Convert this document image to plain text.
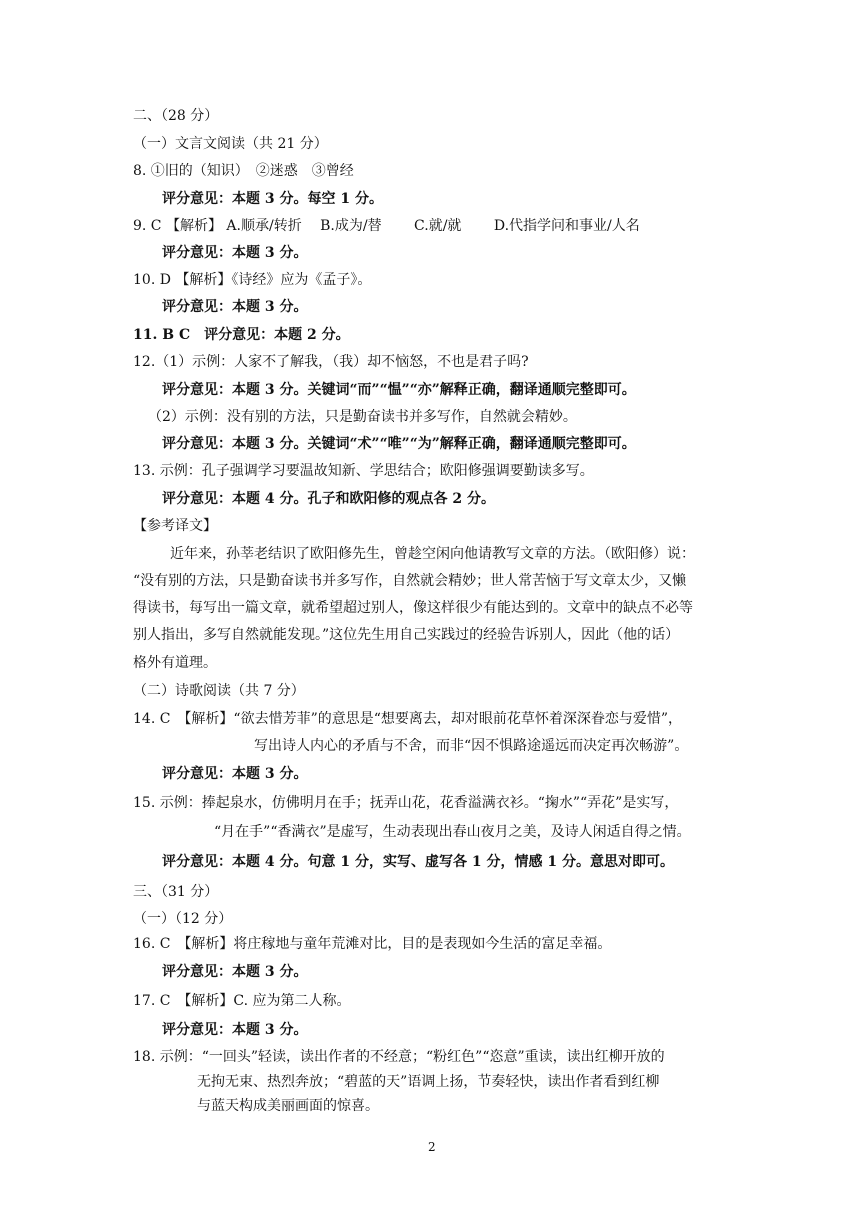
二、（28 分）
（一）文言文阅读（共 21 分）
8. ①旧的（知识）　②迷惑　③曾经
评分意见：本题 3 分。每空 1 分。
9. C 【解析】 A.顺承/转折　 B.成为/替　　 C.就/就　　 D.代指学问和事业/人名
评分意见：本题 3 分。
10. D 【解析】《诗经》应为《孟子》。
评分意见：本题 3 分。
11. B C　评分意见：本题 2 分。
12.（1）示例：人家不了解我，（我）却不恼怒，不也是君子吗?
评分意见：本题 3 分。关键词“而”“愠”“亦”解释正确，翻译通顺完整即可。
（2）示例：没有别的方法，只是勤奋读书并多写作，自然就会精妙。
评分意见：本题 3 分。关键词“术”“唯”“为”解释正确，翻译通顺完整即可。
13. 示例：孔子强调学习要温故知新、学思结合；欧阳修强调要勤读多写。
评分意见：本题 4 分。孔子和欧阳修的观点各 2 分。
【参考译文】
近年来，孙莘老结识了欧阳修先生，曾趁空闲向他请教写文章的方法。（欧阳修）说：
“没有别的方法，只是勤奋读书并多写作，自然就会精妙；世人常苦恼于写文章太少，又懒
得读书，每写出一篇文章，就希望超过别人，像这样很少有能达到的。文章中的缺点不必等
别人指出，多写自然就能发现。”这位先生用自己实践过的经验告诉别人，因此（他的话）
格外有道理。
（二）诗歌阅读（共 7 分）
14. C　【解析】“欲去惜芳菲”的意思是“想要离去，却对眼前花草怀着深深眷恋与爱惜”，
写出诗人内心的矛盾与不舍，而非“因不惧路途遥远而决定再次畅游”。
评分意见：本题 3 分。
15. 示例：捧起泉水，仿佛明月在手；抚弄山花，花香溢满衣衫。“掬水”“弄花”是实写，
“月在手”“香满衣”是虚写，生动表现出春山夜月之美，及诗人闲适自得之情。
评分意见：本题 4 分。句意 1 分，实写、虚写各 1 分，情感 1 分。意思对即可。
三、（31 分）
（一）（12 分）
16. C　【解析】将庄稼地与童年荒滩对比，目的是表现如今生活的富足幸福。
评分意见：本题 3 分。
17. C　【解析】C. 应为第二人称。
评分意见：本题 3 分。
18. 示例：“一回头”轻读，读出作者的不经意；“粉红色”“恣意”重读，读出红柳开放的
无拘无束、热烈奔放；“碧蓝的天”语调上扬，节奏轻快，读出作者看到红柳
与蓝天构成美丽画面的惊喜。
2
